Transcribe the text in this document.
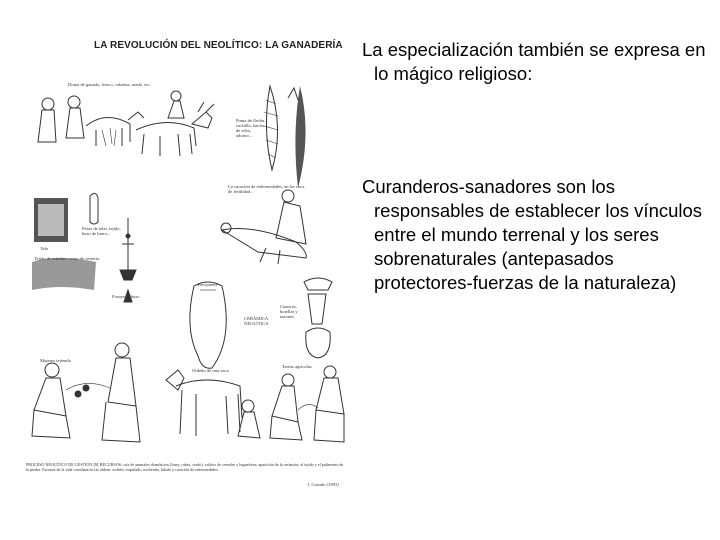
LA REVOLUCIÓN DEL NEOLÍTICO: LA GANADERÍA
Doma de ganado, fresco, cabañas, arado, etc.
Punta de flecha, cuchillo, hacha de sílex, adorno...
La curación de enfermedades, en los ritos de fertilidad...
Pesas de telar, tejido, huso de barro...
Tela
Tejido de mimbre: cesto de cestería
Fusayola, huso
Recipiente
CERÁMICA NEOLÍTICA
Cuencos, botellas y tazones
Mujeres tejiendo
Ordeño de una vaca
Tareas agrícolas
PROCESO NEOLÍTICO DE GESTIÓN DE RECURSOS: cría de animales domésticos (buey, cabra, cerdo), cultivo de cereales y legumbres; aparición de la cerámica, el tejido y el pulimento de la piedra. Escenas de la vida cotidiana en las aldeas: ordeño, esquilado, molienda, hilado y curación de enfermedades.
J. Casado (1993)
La especialización también se expresa en lo mágico religioso:
Curanderos-sanadores son los responsables de establecer los vínculos entre el mundo terrenal y los seres sobrenaturales (antepasados protectores-fuerzas de la naturaleza)
